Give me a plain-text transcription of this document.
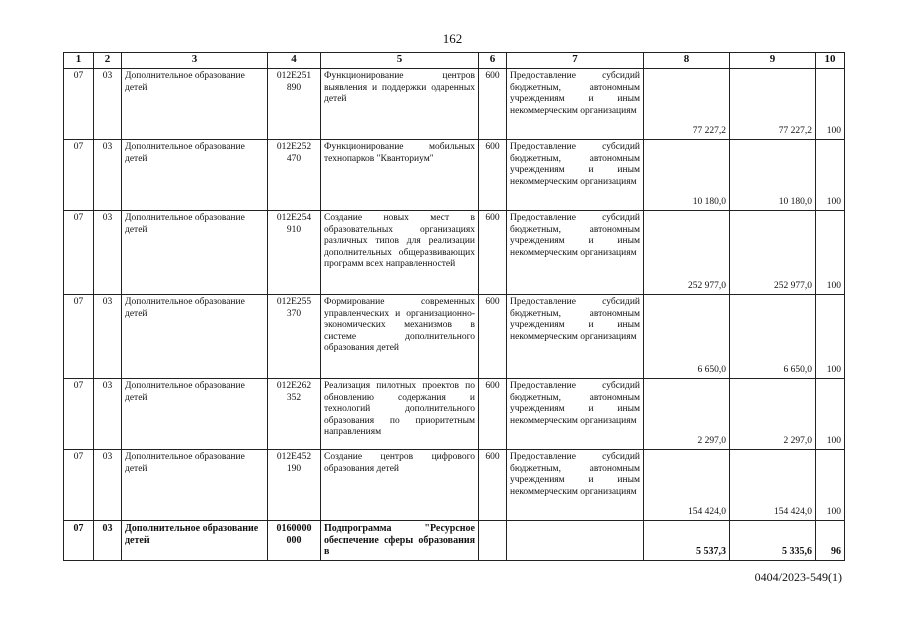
162
1	2	3	4	5	6	7	8	9	10
07	03	Дополнительное образование детей	012E251 890	Функционирование центров выявления и поддержки одаренных детей	600	Предоставление субсидий бюджетным, автономным учреждениям и иным некоммерческим организациям	77 227,2	77 227,2	100
07	03	Дополнительное образование детей	012E252 470	Функционирование мобильных технопарков "Кванториум"	600	Предоставление субсидий бюджетным, автономным учреждениям и иным некоммерческим организациям	10 180,0	10 180,0	100
07	03	Дополнительное образование детей	012E254 910	Создание новых мест в образовательных организациях различных типов для реализации дополнительных общеразвивающих программ всех направленностей	600	Предоставление субсидий бюджетным, автономным учреждениям и иным некоммерческим организациям	252 977,0	252 977,0	100
07	03	Дополнительное образование детей	012E255 370	Формирование современных управленческих и организационно-экономических механизмов в системе дополнительного образования детей	600	Предоставление субсидий бюджетным, автономным учреждениям и иным некоммерческим организациям	6 650,0	6 650,0	100
07	03	Дополнительное образование детей	012E262 352	Реализация пилотных проектов по обновлению содержания и технологий дополнительного образования по приоритетным направлениям	600	Предоставление субсидий бюджетным, автономным учреждениям и иным некоммерческим организациям	2 297,0	2 297,0	100
07	03	Дополнительное образование детей	012E452 190	Создание центров цифрового образования детей	600	Предоставление субсидий бюджетным, автономным учреждениям и иным некоммерческим организациям	154 424,0	154 424,0	100
07	03	Дополнительное образование детей	0160000 000	Подпрограмма "Ресурсное обеспечение сферы образования в			5 537,3	5 335,6	96
0404/2023-549(1)
